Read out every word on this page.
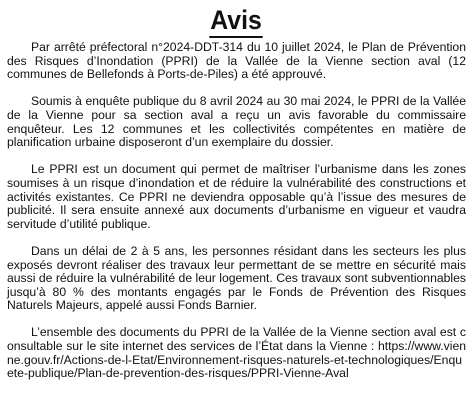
Avis

Par arrêté préfectoral n°2024-DDT-314 du 10 juillet 2024, le Plan de Prévention des Risques d’Inondation (PPRI) de la Vallée de la Vienne section aval (12 communes de Bellefonds à Ports-de-Piles) a été approuvé.

Soumis à enquête publique du 8 avril 2024 au 30 mai 2024, le PPRI de la Vallée de la Vienne pour sa section aval a reçu un avis favorable du commissaire enquêteur. Les 12 communes et les collectivités compétentes en matière de planification urbaine disposeront d’un exemplaire du dossier.

Le PPRI est un document qui permet de maîtriser l’urbanisme dans les zones soumises à un risque d’inondation et de réduire la vulnérabilité des constructions et activités existantes. Ce PPRI ne deviendra opposable qu’à l’issue des mesures de publicité. Il sera ensuite annexé aux documents d’urbanisme en vigueur et vaudra servitude d’utilité publique.

Dans un délai de 2 à 5 ans, les personnes résidant dans les secteurs les plus exposés devront réaliser des travaux leur permettant de se mettre en sécurité mais aussi de réduire la vulnérabilité de leur logement. Ces travaux sont subventionnables jusqu’à 80 % des montants engagés par le Fonds de Prévention des Risques Naturels Majeurs, appelé aussi Fonds Barnier.

L’ensemble des documents du PPRI de la Vallée de la Vienne section aval est consultable sur le site internet des services de l’État dans la Vienne : https://www.vienne.gouv.fr/Actions-de-l-Etat/Environnement-risques-naturels-et-technologiques/Enquete-publique/Plan-de-prevention-des-risques/PPRI-Vienne-Aval
